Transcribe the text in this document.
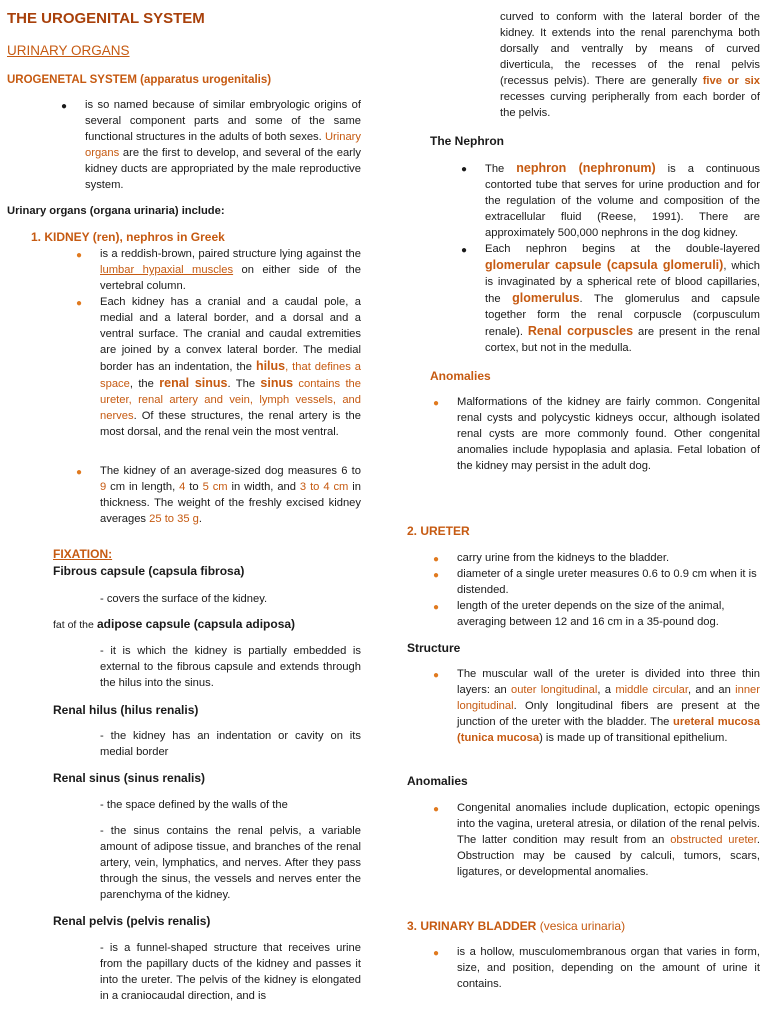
THE UROGENITAL SYSTEM
URINARY ORGANS
UROGENETAL SYSTEM (apparatus urogenitalis)
● is so named because of similar embryologic origins of several component parts and some of the same functional structures in the adults of both sexes. Urinary organs are the first to develop, and several of the early kidney ducts are appropriated by the male reproductive system.

Urinary organs (organa urinaria) include:
1. KIDNEY (ren), nephros in Greek
● is a reddish-brown, paired structure lying against the lumbar hypaxial muscles on either side of the vertebral column.

● Each kidney has a cranial and a caudal pole, a medial and a lateral border, and a dorsal and a ventral surface. The cranial and caudal extremities are joined by a convex lateral border. The medial border has an indentation, the hilus, that defines a space, the renal sinus. The sinus contains the ureter, renal artery and vein, lymph vessels, and nerves. Of these structures, the renal artery is the most dorsal, and the renal vein the most ventral.

● The kidney of an average-sized dog measures 6 to 9 cm in length, 4 to 5 cm in width, and 3 to 4 cm in thickness. The weight of the freshly excised kidney averages 25 to 35 g.

FIXATION:
Fibrous capsule (capsula fibrosa)

- covers the surface of the kidney.

fat of the adipose capsule (capsula adiposa)

- it is which the kidney is partially embedded is external to the fibrous capsule and extends through the hilus into the sinus.

Renal hilus (hilus renalis)

- the kidney has an indentation or cavity on its medial border

Renal sinus (sinus renalis)

- the space defined by the walls of the

- the sinus contains the renal pelvis, a variable amount of adipose tissue, and branches of the renal artery, vein, lymphatics, and nerves. After they pass through the sinus, the vessels and nerves enter the parenchyma of the kidney.

Renal pelvis (pelvis renalis)

- is a funnel-shaped structure that receives urine from the papillary ducts of the kidney and passes it into the ureter. The pelvis of the kidney is elongated in a craniocaudal direction, and is

curved to conform with the lateral border of the kidney. It extends into the renal parenchyma both dorsally and ventrally by means of curved diverticula, the recesses of the renal pelvis (recessus pelvis). There are generally five or six recesses curving peripherally from each border of the pelvis.

The Nephron
● The nephron (nephronum) is a continuous contorted tube that serves for urine production and for the regulation of the volume and composition of the extracellular fluid (Reese, 1991). There are approximately 500,000 nephrons in the dog kidney.

● Each nephron begins at the double-layered glomerular capsule (capsula glomeruli), which is invaginated by a spherical rete of blood capillaries, the glomerulus. The glomerulus and capsule together form the renal corpuscle (corpusculum renale). Renal corpuscles are present in the renal cortex, but not in the medulla.

Anomalies
● Malformations of the kidney are fairly common. Congenital renal cysts and polycystic kidneys occur, although isolated renal cysts are more commonly found. Other congenital anomalies include hypoplasia and aplasia. Fetal lobation of the kidney may persist in the adult dog.

2. URETER
● carry urine from the kidneys to the bladder.

● diameter of a single ureter measures 0.6 to 0.9 cm when it is distended.

● length of the ureter depends on the size of the animal, averaging between 12 and 16 cm in a 35-pound dog.

Structure
● The muscular wall of the ureter is divided into three thin layers: an outer longitudinal, a middle circular, and an inner longitudinal. Only longitudinal fibers are present at the junction of the ureter with the bladder. The ureteral mucosa (tunica mucosa) is made up of transitional epithelium.

Anomalies
● Congenital anomalies include duplication, ectopic openings into the vagina, ureteral atresia, or dilation of the renal pelvis. The latter condition may result from an obstructed ureter. Obstruction may be caused by calculi, tumors, scars, ligatures, or developmental anomalies.

3. URINARY BLADDER (vesica urinaria)
● is a hollow, musculomembranous organ that varies in form, size, and position, depending on the amount of urine it contains.
